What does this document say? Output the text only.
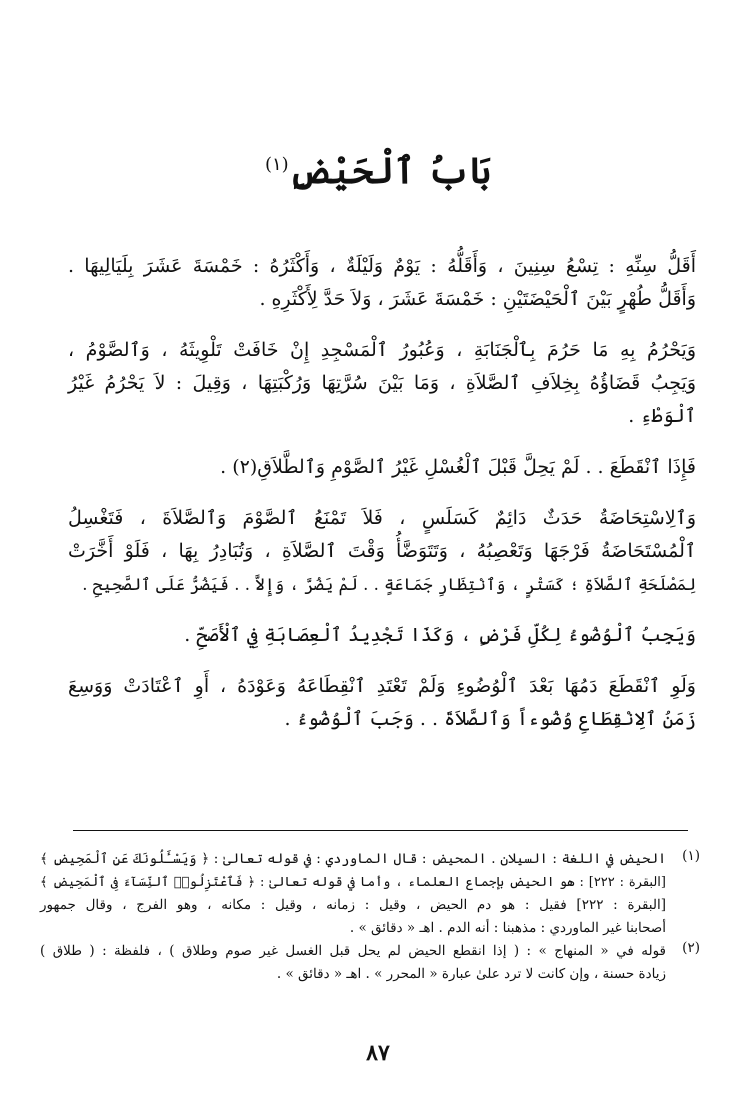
بَابُ ٱلْحَيْضِ$^{(١)}$
أَقَلُّ سِنِّهِ : تِسْعُ سِنِينَ ، وَأَقَلُّهُ : يَوْمٌ وَلَيْلَةٌ ، وَأَكْثَرُهُ : خَمْسَةَ عَشَرَ بِلَيَالِيهَا .
وَأَقَلُّ طُهْرٍ بَيْنَ ٱلْحَيْضَتَيْنِ : خَمْسَةَ عَشَرَ ، وَلاَ حَدَّ لِأَكْثَرِهِ .
وَيَحْرُمُ بِهِ مَا حَرُمَ بِٱلْجَنَابَةِ ، وَعُبُورُ ٱلْمَسْجِدِ إِنْ خَافَتْ تَلْوِيثَهُ ، وَٱلصَّوْمُ ،
وَيَجِبُ قَضَاؤُهُ بِخِلاَفِ ٱلصَّلاَةِ ، وَمَا بَيْنَ سُرَّتِهَا وَرُكْبَتِهَا ، وَقِيلَ : لاَ يَحْرُمُ غَيْرُ
ٱلْوَطْءِ .
فَإِذَا ٱنْقَطَعَ . . لَمْ يَحِلَّ قَبْلَ ٱلْغُسْلِ غَيْرُ ٱلصَّوْمِ وَٱلطَّلاَقِ(٢) .
وَٱلِاسْتِحَاضَةُ حَدَثٌ دَائِمٌ كَسَلَسٍ ، فَلاَ تَمْنَعُ ٱلصَّوْمَ وَٱلصَّلاَةَ ، فَتَغْسِلُ
ٱلْمُسْتَحَاضَةُ فَرْجَهَا وَتَعْصِبُهُ ، وَتَتَوَضَّأُ وَقْتَ ٱلصَّلاَةِ ، وَتُبَادِرُ بِهَا ، فَلَوْ أَخَّرَتْ
لِمَصْلَحَةِ ٱلصَّلاَةِ ؛ كَسَتْرٍ ، وَٱنْتِظَارِ جَمَاعَةٍ . . لَمْ يَضُرَّ ، وَإِلاَّ . . فَيَضُرُّ عَلَى ٱلصَّحِيحِ .
وَيَجِبُ ٱلْوُضُوءُ لِكُلِّ فَرْضٍ ، وَكَذَا تَجْدِيدُ ٱلْعِصَابَةِ فِي ٱلْأَصَحِّ .
وَلَوِ ٱنْقَطَعَ دَمُهَا بَعْدَ ٱلْوُضُوءِ وَلَمْ تَعْتَدِ ٱنْقِطَاعَهُ وَعَوْدَهُ ، أَوِ ٱعْتَادَتْ وَوَسِعَ
زَمَنُ ٱلِانْقِطَاعِ وُضُوءاً وَٱلصَّلاَةَ . . وَجَبَ ٱلْوُضُوءُ .
(١)
الحيض في اللغة : السيلان . المحيض : قال الماوردي : في قوله تعالىٰ : ﴿ وَيَسْـَٔلُونَكَ عَنِ ٱلْمَحِيضِ ﴾
[البقرة : ٢٢٢] : هو الحيض بإجماع العلماء ، وأما في قوله تعالىٰ : ﴿ فَٱعْتَزِلُوا۟ ٱلنِّسَآءَ فِى ٱلْمَحِيضِ ﴾
[البقرة : ٢٢٢] فقيل : هو دم الحيض ، وقيل : زمانه ، وقيل : مكانه ، وهو الفرج ، وقال جمهور
أصحابنا غير الماوردي : مذهبنا : أنه الدم . اهـ « دقائق » .
(٢)
قوله في « المنهاج » : ( إذا انقطع الحيض لم يحل قبل الغسل غير صوم وطلاق ) ، فلفظة : ( طلاق )
زيادة حسنة ، وإن كانت لا ترد علىٰ عبارة « المحرر » . اهـ « دقائق » .
٨٧
